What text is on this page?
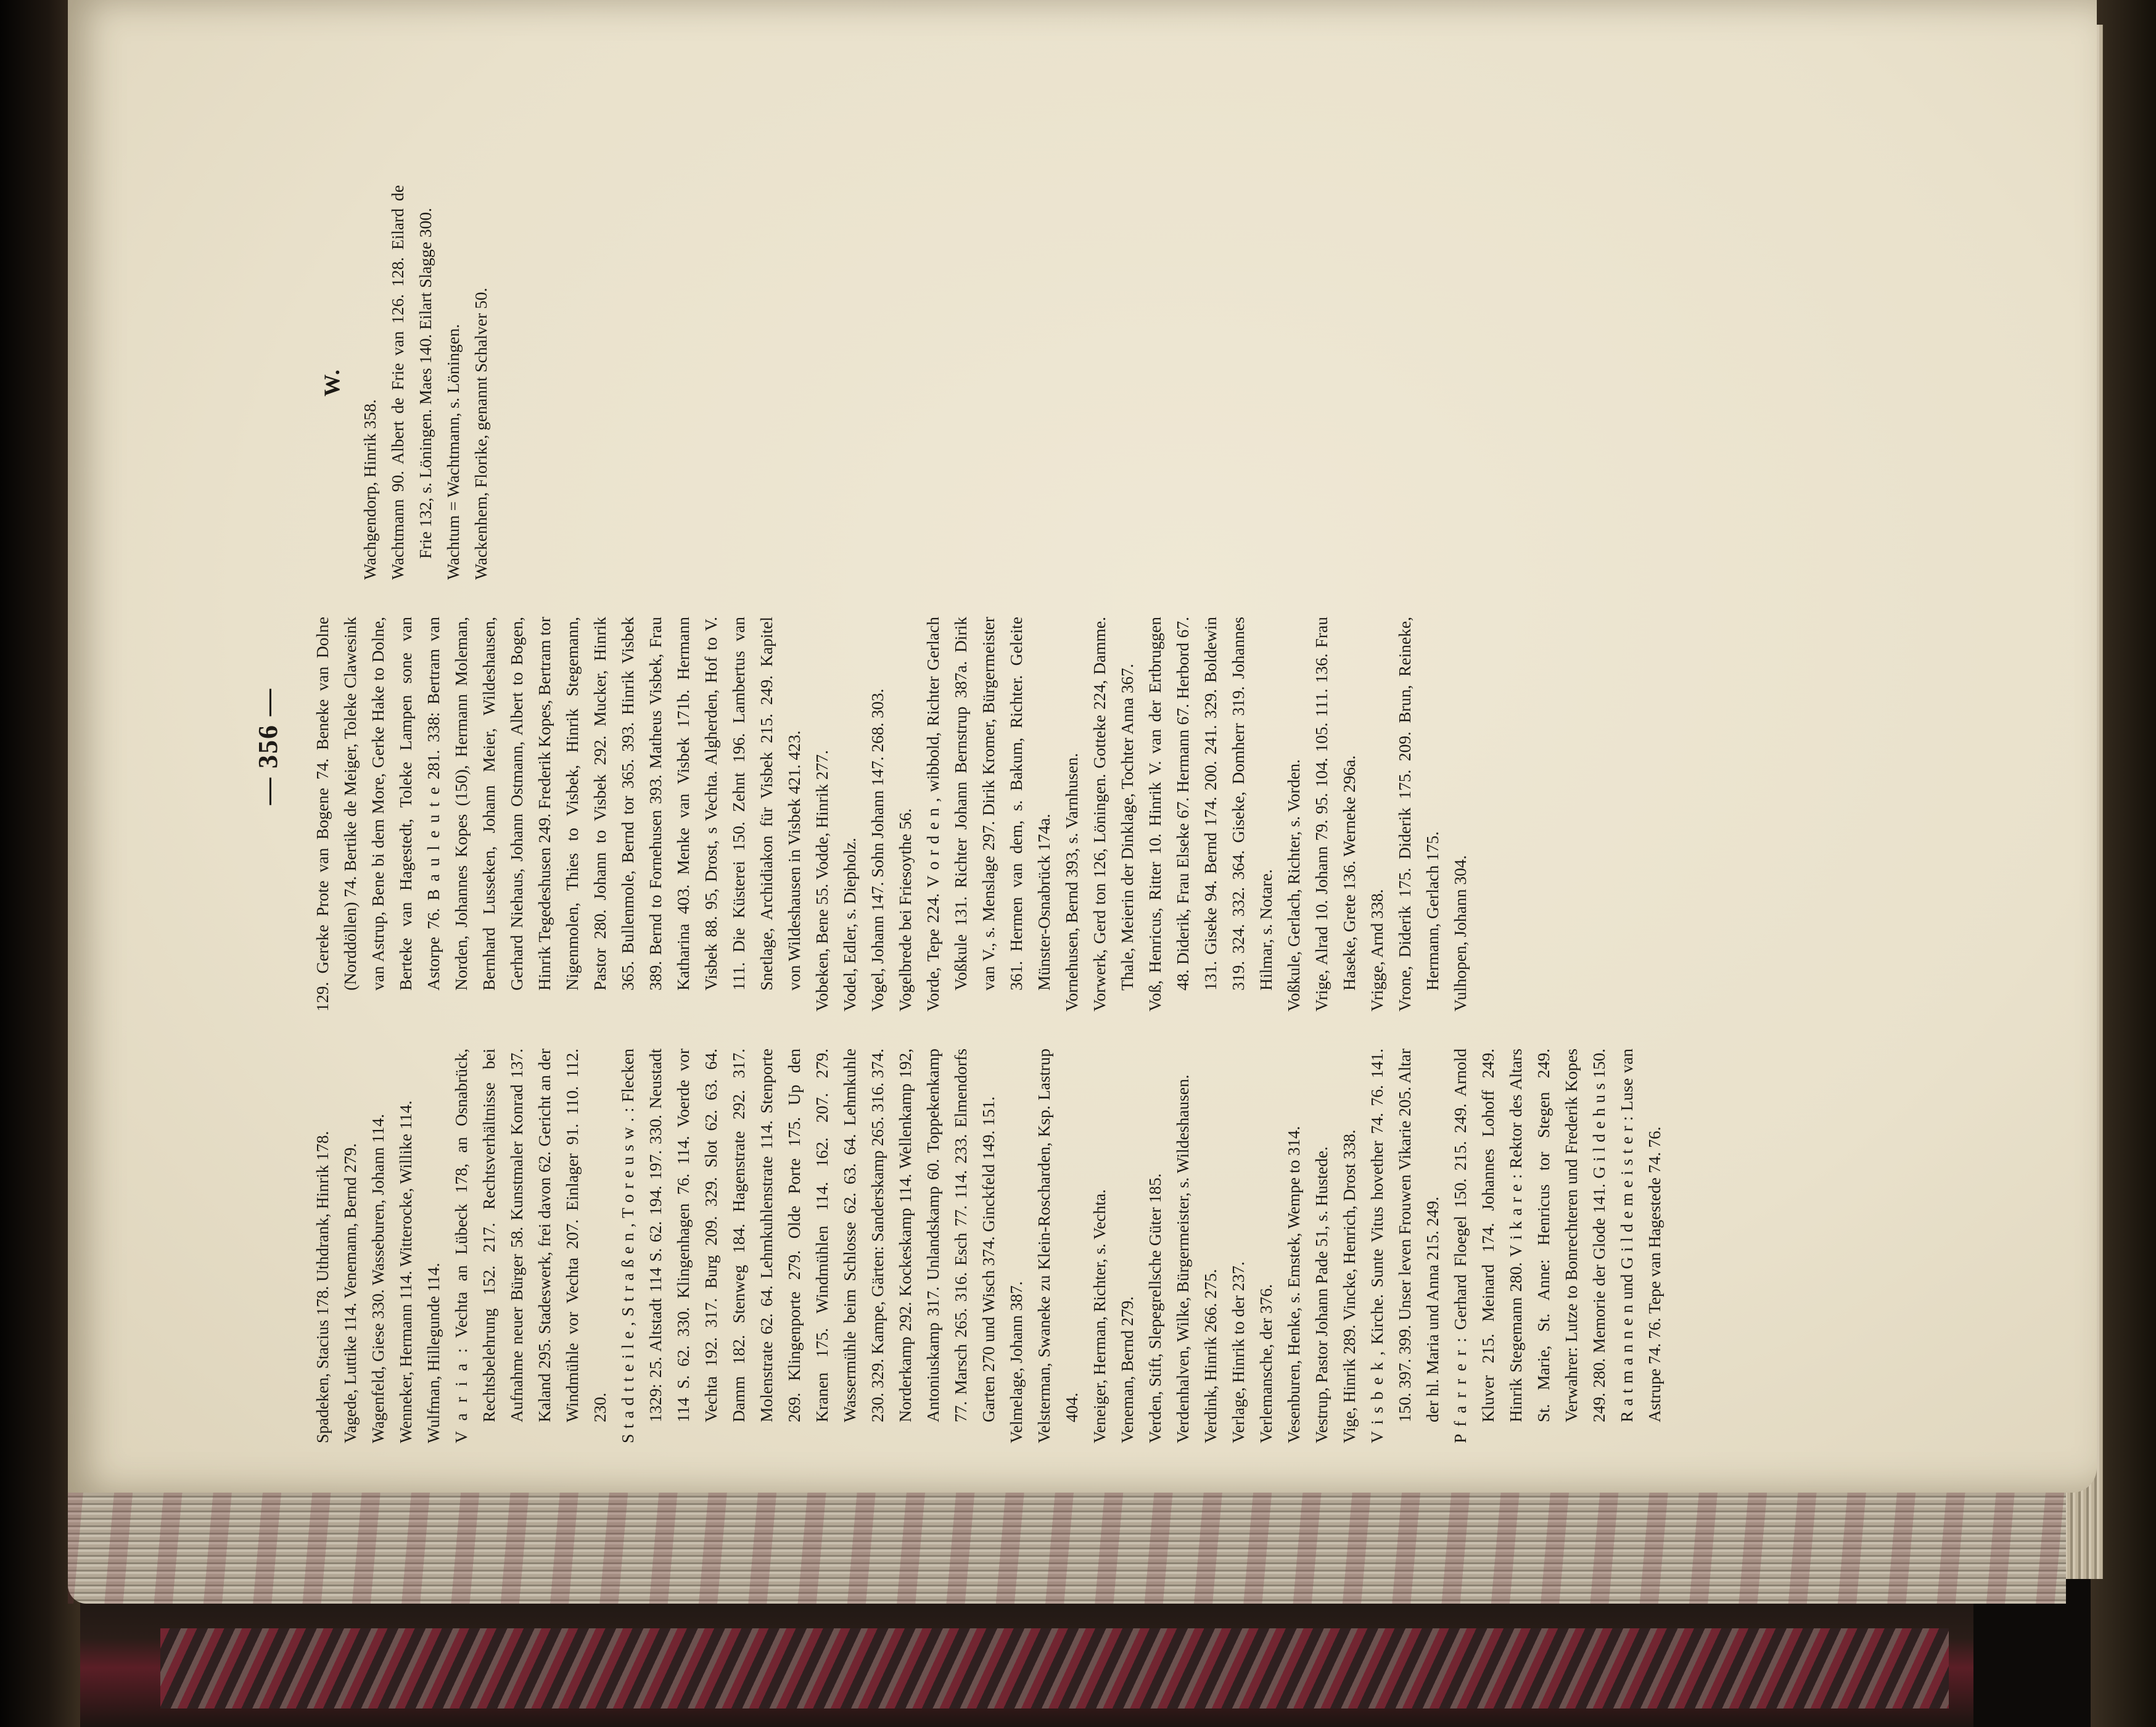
— 356 —

Spadeken, Stacius 178. Uthdrank, Hinrik 178. Vagede, Luttike 114. Venemann, Bernd 279. Wagenfeld, Giese 330. Wasseburen, Johann 114. Wenneker, Hermann 114. Witterocke, Willike 114. Wulfman, Hillegunde 114. V a r i a : Vechta an Lübeck 178, an Osnabrück, Rechtsbelehrung 152. 217. Rechtsverhältnisse bei Aufnahme neuer Bürger 58. Kunstmaler Konrad 137. Kaland 295. Stadeswerk, frei davon 62. Gericht an der Windmühle vor Vechta 207. Einlager 91. 110. 112. 230. S t a d t t e i l e , S t r a ß e n , T o r e u s w . : Flecken 1329: 25. Altstadt 114 S. 62. 194. 197. 330. Neustadt 114 S. 62. 330. Klingenhagen 76. 114. Voerde vor Vechta 192. 317. Burg 209. 329. Slot 62. 63. 64. Damm 182. Stenweg 184. Hagenstrate 292. 317. Molenstrate 62. 64. Lehmkuhlenstrate 114. Stenporte 269. Klingenporte 279. Olde Porte 175. Up den Kranen 175. Windmühlen 114. 162. 207. 279. Wassermühle beim Schlosse 62. 63. 64. Lehmkuhle 230. 329. Kampe, Gärten: Sanderskamp 265. 316. 374. Norderkamp 292. Kockeskamp 114. Wellenkamp 192, Antoniuskamp 317. Unlandskamp 60. Toppekenkamp 77. Marsch 265. 316. Esch 77. 114. 233. Elmendorfs Garten 270 und Wisch 374. Ginckfeld 149. 151. Velmelage, Johann 387. Velsterman, Swaneke zu Klein-Roscharden, Ksp. Lastrup 404. Veneiger, Herman, Richter, s. Vechta. Veneman, Bernd 279. Verden, Stift, Slepegrellsche Güter 185. Verdenhalven, Wilke, Bürgermeister, s. Wildeshausen. Verdink, Hinrik 266. 275. Verlage, Hinrik to der 237. Verlemansche, der 376. Vesenburen, Henke, s. Emstek, Wempe to 314. Vestrup, Pastor Johann Pade 51, s. Hustede. Vige, Hinrik 289. Vincke, Henrich, Drost 338. V i s b e k , Kirche. Sunte Vitus hovether 74. 76. 141. 150. 397. 399. Unser leven Frouwen Vikarie 205. Altar der hl. Maria und Anna 215. 249. P f a r r e r : Gerhard Floegel 150. 215. 249. Arnold Kluver 215. Meinard 174. Johannes Lohoff 249. Hinrik Stegemann 280. V i k a r e : Rektor des Altars St. Marie, St. Anne: Henricus tor Stegen 249. Verwahrer: Lutze to Bonrechteren und Frederik Kopes 249. 280. Memorie der Glode 141. G i l d e h u s 150. R a t m a n n e n und G i l d e m e i s t e r : Luse van Astrupe 74. 76. Tepe van Hagestede 74. 76.

129. Gereke Prote van Bogene 74. Beneke van Dolne (Norddöllen) 74. Bertike de Meiger, Toleke Clawesink van Astrup, Bene bi dem More, Gerke Hake to Dolne, Berteke van Hagestedt, Toleke Lampen sone van Astorpe 76. B a u l e u t e 281. 338: Bertram van Norden, Johannes Kopes (150), Hermann Moleman, Bernhard Lusseken, Johann Meier, Wildeshausen, Gerhard Niehaus, Johann Ostmann, Albert to Bogen, Hinrik Tegedeshusen 249. Frederik Kopes, Bertram tor Nigenmolen, Thies to Visbek, Hinrik Stegemann, Pastor 280. Johann to Visbek 292. Mucker, Hinrik 365. Bullenmole, Bernd tor 365. 393. Hinrik Visbek 389. Bernd to Fornehusen 393. Matheus Visbek, Frau Katharina 403. Menke van Visbek 171b. Hermann Visbek 88. 95, Drost, s Vechta. Algherden, Hof to V. 111. Die Küsterei 150. Zehnt 196. Lambertus van Snetlage, Archidiakon für Visbek 215. 249. Kapitel von Wildeshausen in Visbek 421. 423. Vobeken, Bene 55. Vodde, Hinrik 277. Vodel, Edler, s. Diepholz. Vogel, Johann 147. Sohn Johann 147. 268. 303. Vogelbrede bei Friesoythe 56. Vorde, Tepe 224. V o r d e n , wibbold, Richter Gerlach Voßkule 131. Richter Johann Bernstrup 387a. Dirik van V., s. Menslage 297. Dirik Kromer, Bürgermeister 361. Hermen van dem, s. Bakum, Richter. Geleite Münster-Osnabrück 174a. Vornehusen, Bernd 393, s. Varnhusen. Vorwerk, Gerd ton 126, Löningen. Gotteke 224, Damme. Thale, Meierin der Dinklage, Tochter Anna 367. Voß, Henricus, Ritter 10. Hinrik V. van der Ertbruggen 48. Diderik, Frau Elseke 67. Hermann 67. Herbord 67. 131. Giseke 94. Bernd 174. 200. 241. 329. Boldewin 319. 324. 332. 364. Giseke, Domherr 319. Johannes Hilmar, s. Notare. Voßkule, Gerlach, Richter, s. Vorden. Vrige, Alrad 10. Johann 79. 95. 104. 105. 111. 136. Frau Haseke, Grete 136. Werneke 296a. Vrigge, Arnd 338. Vrone, Diderik 175. Diderik 175. 209. Brun, Reineke, Hermann, Gerlach 175. Vulhopen, Johann 304.

W.

Wachgendorp, Hinrik 358. Wachtmann 90. Albert de Frie van 126. 128. Eilard de Frie 132, s. Löningen. Maes 140. Eilart Slagge 300. Wachtum = Wachtmann, s. Löningen. Wackenhem, Florike, genannt Schalver 50.
